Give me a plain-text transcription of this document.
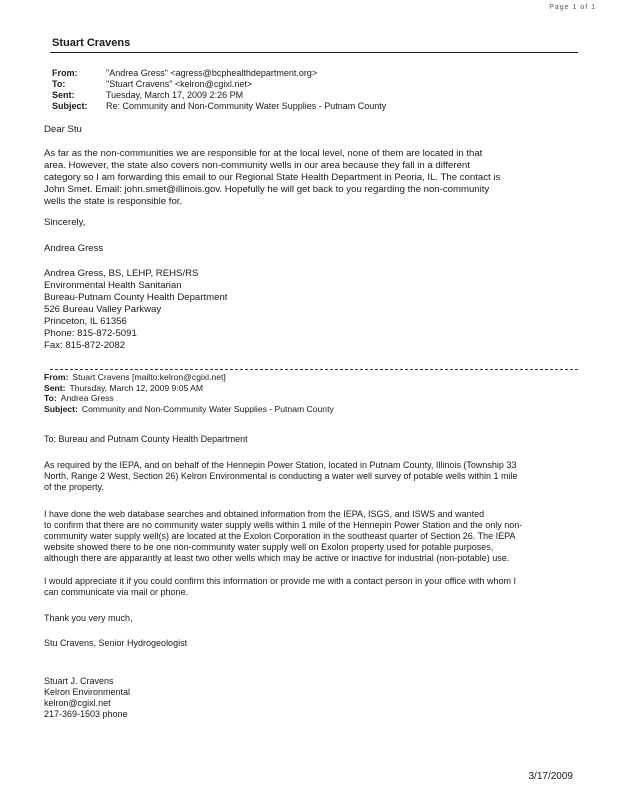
Page 1 of 1
Stuart Cravens
From:	"Andrea Gress" <agress@bcphealthdepartment.org>
To:	"Stuart Cravens" <kelron@cgixl.net>
Sent:	Tuesday, March 17, 2009 2:26 PM
Subject:	Re: Community and Non-Community Water Supplies - Putnam County
Dear Stu
As far as the non-communities we are responsible for at the local level, none of them are located in that
area. However, the state also covers non-community wells in our area because they fall in a different
category so I am forwarding this email to our Regional State Health Department in Peoria, IL. The contact is
John Smet. Email: john.smet@illinois.gov. Hopefully he will get back to you regarding the non-community
wells the state is responsible for.
Sincerely,
Andrea Gress
Andrea Gress, BS, LEHP, REHS/RS
Environmental Health Sanitarian
Bureau-Putnam County Health Department
526 Bureau Valley Parkway
Princeton, IL 61356
Phone: 815-872-5091
Fax: 815-872-2082
From: Stuart Cravens [mailto:kelron@cgixl.net]
Sent: Thursday, March 12, 2009 9:05 AM
To: Andrea Gress
Subject: Community and Non-Community Water Supplies - Putnam County
To: Bureau and Putnam County Health Department
As required by the IEPA, and on behalf of the Hennepin Power Station, located in Putnam County, Illinois (Township 33
North, Range 2 West, Section 26) Kelron Environmental is conducting a water well survey of potable wells within 1 mile
of the property.
I have done the web database searches and obtained information from the IEPA, ISGS, and ISWS and wanted
to confirm that there are no community water supply wells within 1 mile of the Hennepin Power Station and the only non-
community water supply well(s) are located at the Exolon Corporation in the southeast quarter of Section 26. The IEPA
website showed there to be one non-community water supply well on Exolon property used for potable purposes,
although there are apparantly at least two other wells which may be active or inactive for industrial (non-potable) use.
I would appreciate it if you could confirm this information or provide me with a contact person in your office with whom I
can communicate via mail or phone.
Thank you very much,
Stu Cravens, Senior Hydrogeologist
Stuart J. Cravens
Kelron Environmental
kelron@cgixl.net
217-369-1503 phone
3/17/2009
